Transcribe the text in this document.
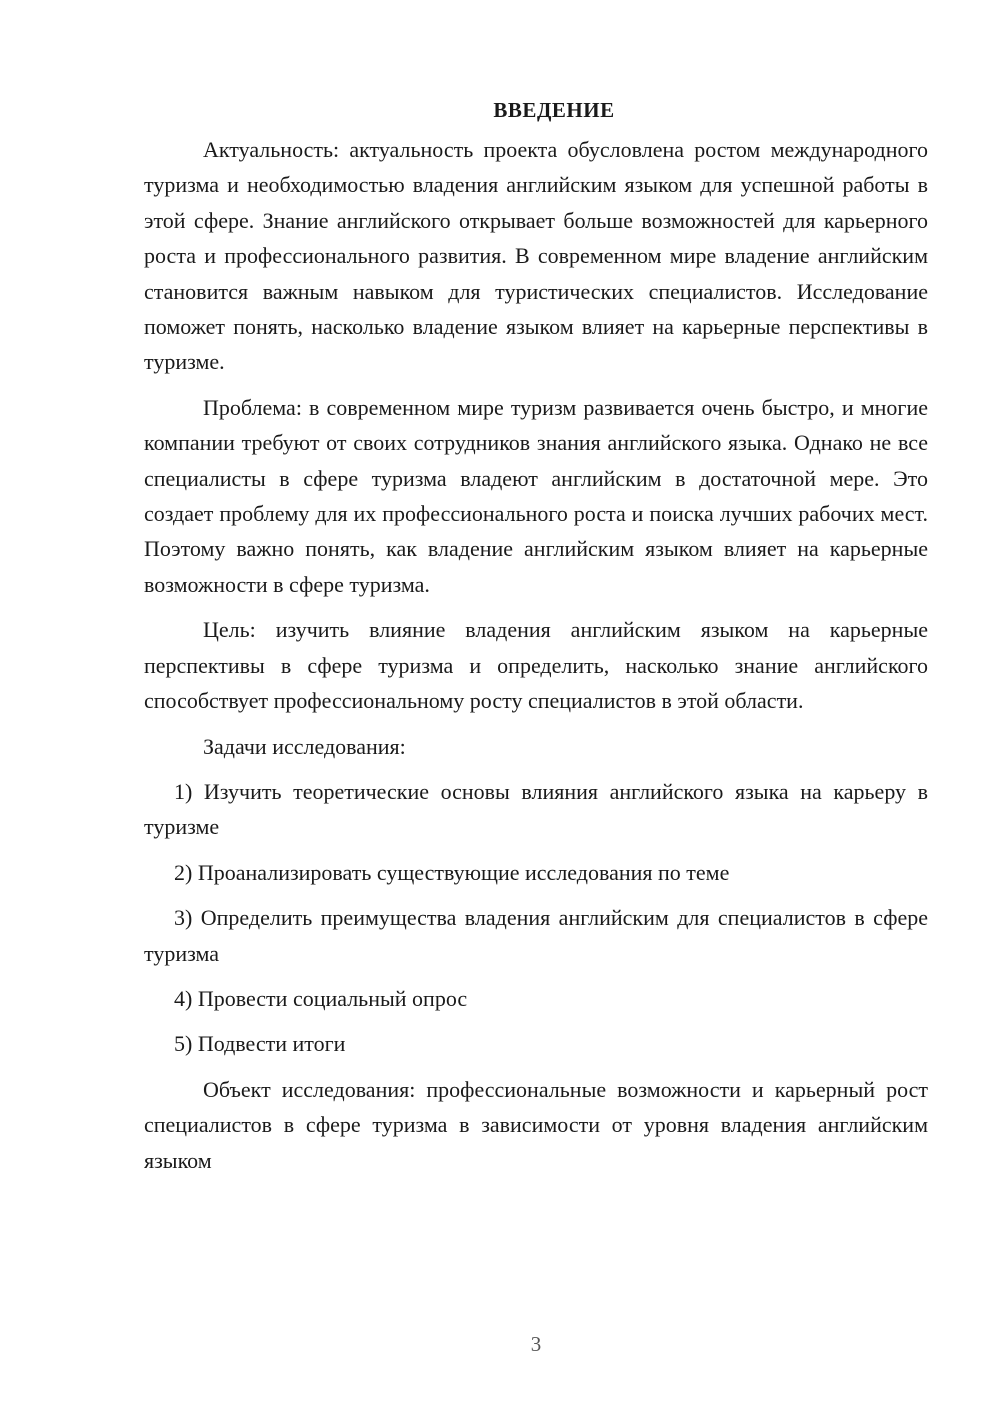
ВВЕДЕНИЕ

Актуальность: актуальность проекта обусловлена ростом международного туризма и необходимостью владения английским языком для успешной работы в этой сфере. Знание английского открывает больше возможностей для карьерного роста и профессионального развития. В современном мире владение английским становится важным навыком для туристических специалистов. Исследование поможет понять, насколько владение языком влияет на карьерные перспективы в туризме.

Проблема: в современном мире туризм развивается очень быстро, и многие компании требуют от своих сотрудников знания английского языка. Однако не все специалисты в сфере туризма владеют английским в достаточной мере. Это создает проблему для их профессионального роста и поиска лучших рабочих мест. Поэтому важно понять, как владение английским языком влияет на карьерные возможности в сфере туризма.

Цель: изучить влияние владения английским языком на карьерные перспективы в сфере туризма и определить, насколько знание английского способствует профессиональному росту специалистов в этой области.

Задачи исследования:

1) Изучить теоретические основы влияния английского языка на карьеру в туризме

2) Проанализировать существующие исследования по теме

3) Определить преимущества владения английским для специалистов в сфере туризма

4) Провести социальный опрос

5) Подвести итоги

Объект исследования: профессиональные возможности и карьерный рост специалистов в сфере туризма в зависимости от уровня владения английским языком

3
